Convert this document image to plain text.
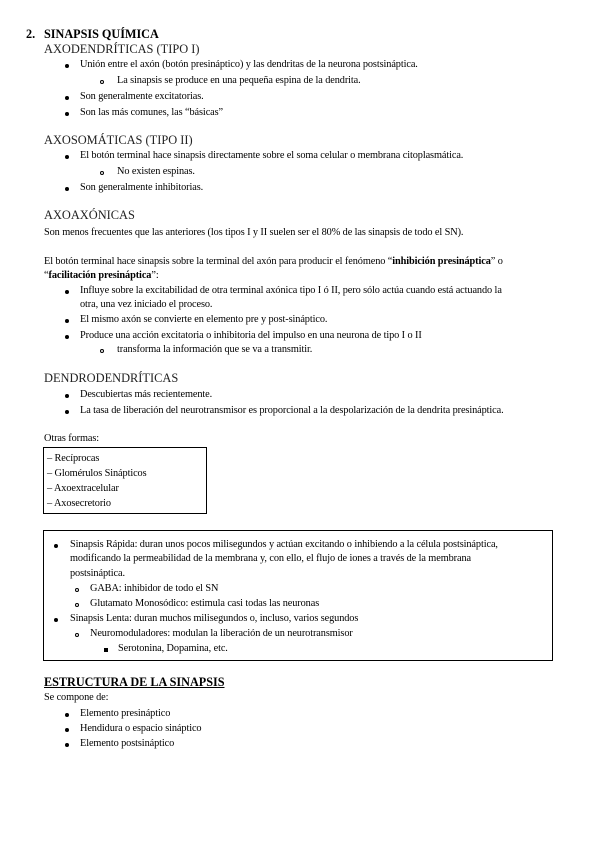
2. SINAPSIS QUÍMICA
AXODENDRÍTICAS (TIPO I)
Unión entre el axón (botón presináptico) y las dendritas de la neurona postsináptica.
La sinapsis se produce en una pequeña espina de la dendrita.
Son generalmente excitatorias.
Son las más comunes, las “básicas”
AXOSOMÁTICAS (TIPO II)
El botón terminal hace sinapsis directamente sobre el soma celular o membrana citoplasmática.
No existen espinas.
Son generalmente inhibitorias.
AXOAXÓNICAS
Son menos frecuentes que las anteriores (los tipos I y II suelen ser el 80% de las sinapsis de todo el SN).
El botón terminal hace sinapsis sobre la terminal del axón para producir el fenómeno “inhibición presináptica” o
“facilitación presináptica”:
Influye sobre la excitabilidad de otra terminal axónica tipo I ó II, pero sólo actúa cuando está actuando la
otra, una vez iniciado el proceso.
El mismo axón se convierte en elemento pre y post-sináptico.
Produce una acción excitatoria o inhibitoria del impulso en una neurona de tipo I o II
transforma la información que se va a transmitir.
DENDRODENDRÍTICAS
Descubiertas más recientemente.
La tasa de liberación del neurotransmisor es proporcional a la despolarización de la dendrita presináptica.
Otras formas:
– Recíprocas
– Glomérulos Sinápticos
– Axoextracelular
– Axosecretorio
Sinapsis Rápida: duran unos pocos milisegundos y actúan excitando o inhibiendo a la célula postsináptica,
modificando la permeabilidad de la membrana y, con ello, el flujo de iones a través de la membrana
postsináptica.
GABA: inhibidor de todo el SN
Glutamato Monosódico: estimula casi todas las neuronas
Sinapsis Lenta: duran muchos milisegundos o, incluso, varios segundos
Neuromoduladores: modulan la liberación de un neurotransmisor
Serotonina, Dopamina, etc.
ESTRUCTURA DE LA SINAPSIS
Se compone de:
Elemento presináptico
Hendidura o espacio sináptico
Elemento postsináptico
